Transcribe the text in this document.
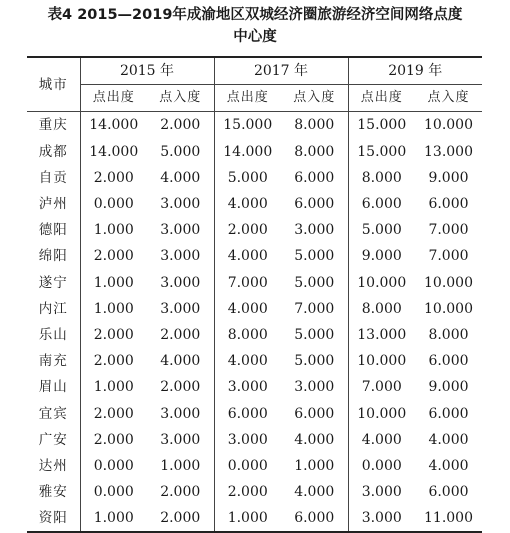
表4 2015—2019年成渝地区双城经济圈旅游经济空间网络点度
中心度
城市	2015 年		2017 年		2019 年	
	点出度	点入度	点出度	点入度	点出度	点入度
重庆	14.000	2.000	15.000	8.000	15.000	10.000
成都	14.000	5.000	14.000	8.000	15.000	13.000
自贡	2.000	4.000	5.000	6.000	8.000	9.000
泸州	0.000	3.000	4.000	6.000	6.000	6.000
德阳	1.000	3.000	2.000	3.000	5.000	7.000
绵阳	2.000	3.000	4.000	5.000	9.000	7.000
遂宁	1.000	3.000	7.000	5.000	10.000	10.000
内江	1.000	3.000	4.000	7.000	8.000	10.000
乐山	2.000	2.000	8.000	5.000	13.000	8.000
南充	2.000	4.000	4.000	5.000	10.000	6.000
眉山	1.000	2.000	3.000	3.000	7.000	9.000
宜宾	2.000	3.000	6.000	6.000	10.000	6.000
广安	2.000	3.000	3.000	4.000	4.000	4.000
达州	0.000	1.000	0.000	1.000	0.000	4.000
雅安	0.000	2.000	2.000	4.000	3.000	6.000
资阳	1.000	2.000	1.000	6.000	3.000	11.000
